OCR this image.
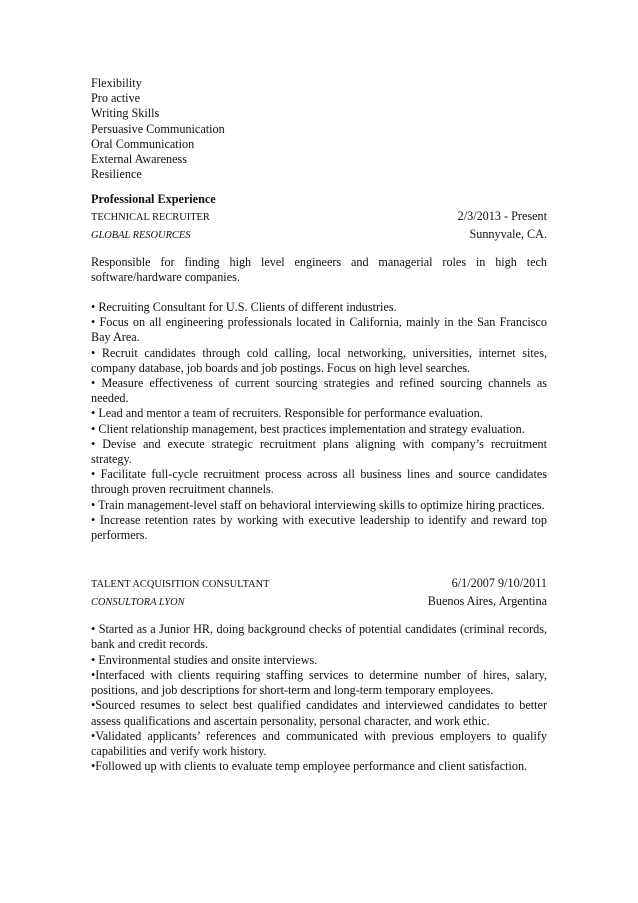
Flexibility
Pro active
Writing Skills
Persuasive Communication
Oral Communication
External Awareness
Resilience
Professional Experience
TECHNICAL RECRUITER	2/3/2013 - Present
GLOBAL RESOURCES	Sunnyvale, CA.
Responsible for finding high level engineers and managerial roles in high tech software/hardware companies.
• Recruiting Consultant for U.S. Clients of different industries.
• Focus on all engineering professionals located in California, mainly in the San Francisco Bay Area.
• Recruit candidates through cold calling, local networking, universities, internet sites, company database, job boards and job postings. Focus on high level searches.
• Measure effectiveness of current sourcing strategies and refined sourcing channels as needed.
• Lead and mentor a team of recruiters. Responsible for performance evaluation.
• Client relationship management, best practices implementation and strategy evaluation.
• Devise and execute strategic recruitment plans aligning with company’s recruitment strategy.
• Facilitate full-cycle recruitment process across all business lines and source candidates through proven recruitment channels.
• Train management-level staff on behavioral interviewing skills to optimize hiring practices.
• Increase retention rates by working with executive leadership to identify and reward top performers.
TALENT ACQUISITION CONSULTANT	6/1/2007 9/10/2011
CONSULTORA LYON	Buenos Aires, Argentina
• Started as a Junior HR, doing background checks of potential candidates (criminal records, bank and credit records.
• Environmental studies and onsite interviews.
•Interfaced with clients requiring staffing services to determine number of hires, salary, positions, and job descriptions for short-term and long-term temporary employees.
•Sourced resumes to select best qualified candidates and interviewed candidates to better assess qualifications and ascertain personality, personal character, and work ethic.
•Validated applicants’ references and communicated with previous employers to qualify capabilities and verify work history.
•Followed up with clients to evaluate temp employee performance and client satisfaction.
